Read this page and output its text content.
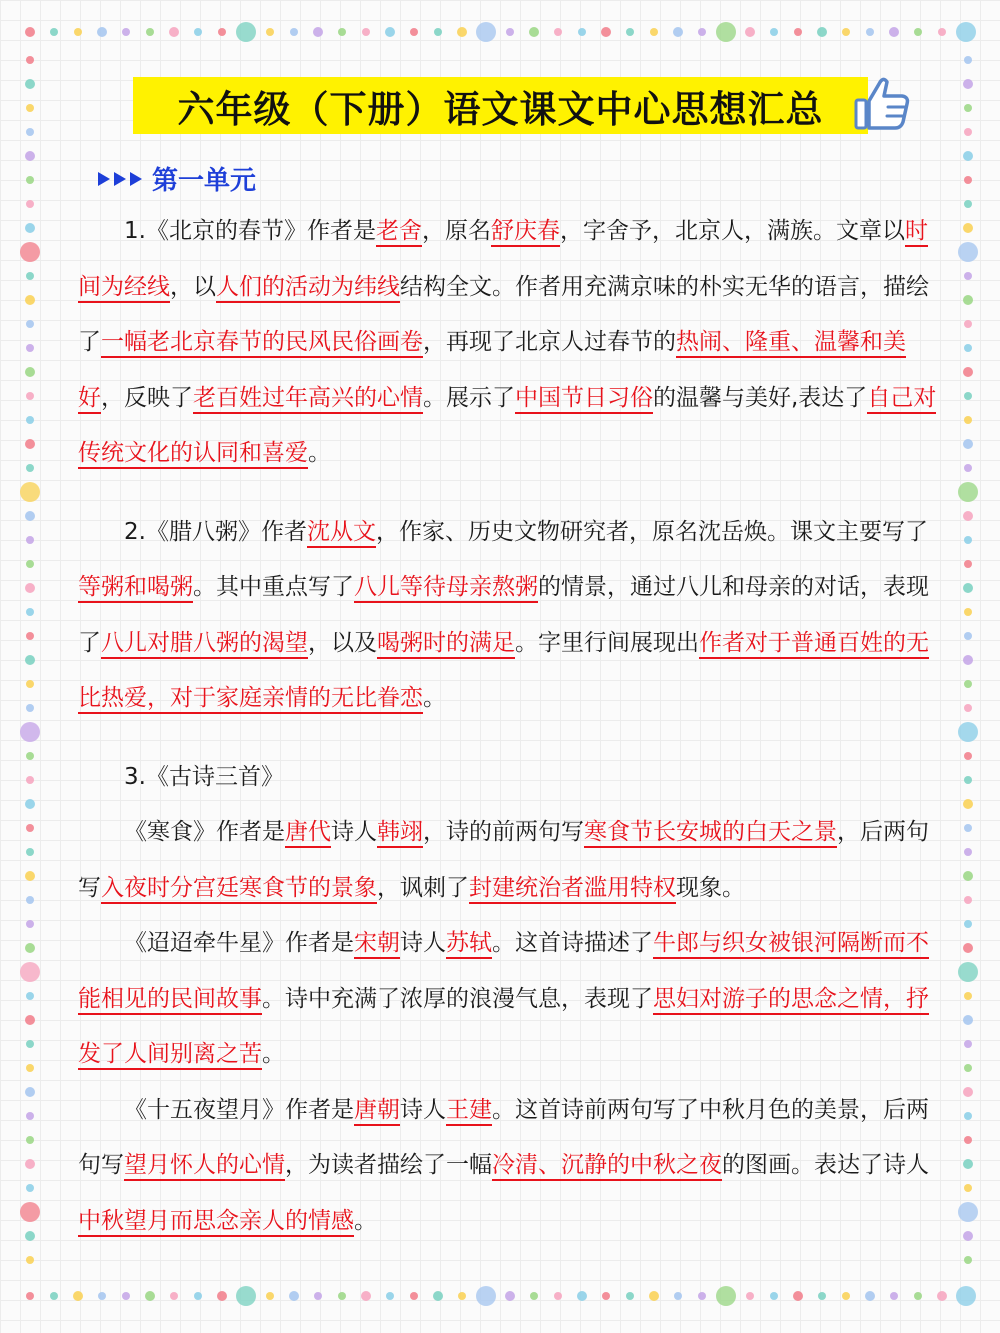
六年级（下册）语文课文中心思想汇总
第一单元

1.《北京的春节》作者是老舍，原名舒庆春，字舍予，北京人，满族。文章以时间为经线，以人们的活动为纬线结构全文。作者用充满京味的朴实无华的语言，描绘了一幅老北京春节的民风民俗画卷，再现了北京人过春节的热闹、隆重、温馨和美好，反映了老百姓过年高兴的心情。展示了中国节日习俗的温馨与美好,表达了自己对传统文化的认同和喜爱。

2.《腊八粥》作者沈从文，作家、历史文物研究者，原名沈岳焕。课文主要写了等粥和喝粥。其中重点写了八儿等待母亲熬粥的情景，通过八儿和母亲的对话，表现了八儿对腊八粥的渴望，以及喝粥时的满足。字里行间展现出作者对于普通百姓的无比热爱，对于家庭亲情的无比眷恋。

3.《古诗三首》

《寒食》作者是唐代诗人韩翊，诗的前两句写寒食节长安城的白天之景，后两句写入夜时分宫廷寒食节的景象，讽刺了封建统治者滥用特权现象。

《迢迢牵牛星》作者是宋朝诗人苏轼。这首诗描述了牛郎与织女被银河隔断而不能相见的民间故事。诗中充满了浓厚的浪漫气息，表现了思妇对游子的思念之情，抒发了人间别离之苦。

《十五夜望月》作者是唐朝诗人王建。这首诗前两句写了中秋月色的美景，后两句写望月怀人的心情，为读者描绘了一幅冷清、沉静的中秋之夜的图画。表达了诗人中秋望月而思念亲人的情感。
